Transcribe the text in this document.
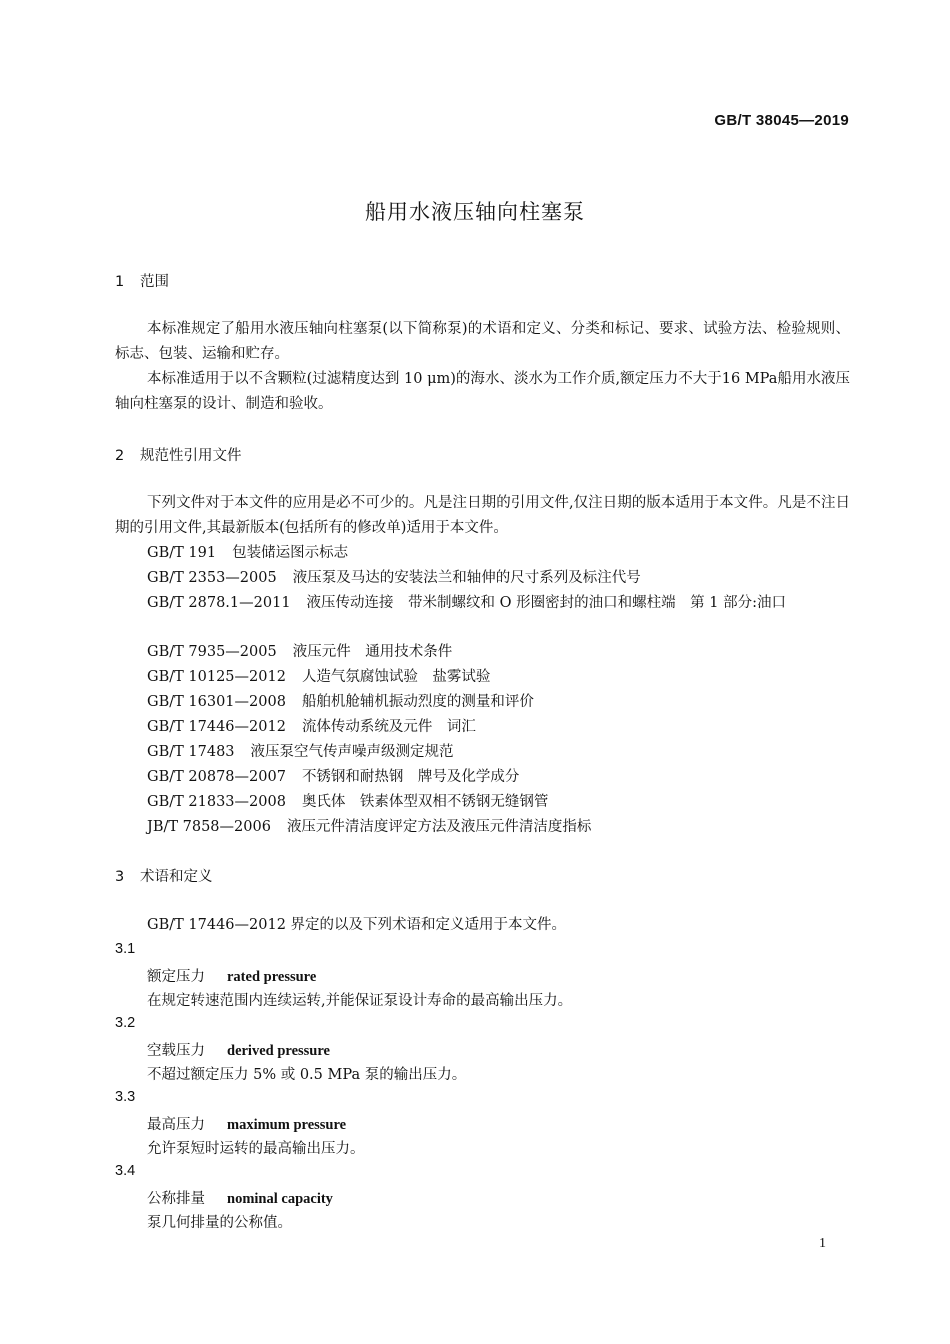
GB/T 38045—2019
船用水液压轴向柱塞泵
1 范围
本标准规定了船用水液压轴向柱塞泵(以下简称泵)的术语和定义、分类和标记、要求、试验方法、检验规则、标志、包装、运输和贮存。
本标准适用于以不含颗粒(过滤精度达到 10 μm)的海水、淡水为工作介质,额定压力不大于16 MPa船用水液压轴向柱塞泵的设计、制造和验收。
2 规范性引用文件
下列文件对于本文件的应用是必不可少的。凡是注日期的引用文件,仅注日期的版本适用于本文件。凡是不注日期的引用文件,其最新版本(包括所有的修改单)适用于本文件。
GB/T 191 包装储运图示标志
GB/T 2353—2005 液压泵及马达的安装法兰和轴伸的尺寸系列及标注代号
GB/T 2878.1—2011 液压传动连接　带米制螺纹和 O 形圈密封的油口和螺柱端　第 1 部分:油口
GB/T 7935—2005 液压元件　通用技术条件
GB/T 10125—2012 人造气氛腐蚀试验　盐雾试验
GB/T 16301—2008 船舶机舱辅机振动烈度的测量和评价
GB/T 17446—2012 流体传动系统及元件　词汇
GB/T 17483 液压泵空气传声噪声级测定规范
GB/T 20878—2007 不锈钢和耐热钢　牌号及化学成分
GB/T 21833—2008 奥氏体　铁素体型双相不锈钢无缝钢管
JB/T 7858—2006 液压元件清洁度评定方法及液压元件清洁度指标
3 术语和定义
GB/T 17446—2012 界定的以及下列术语和定义适用于本文件。
3.1
额定压力 rated pressure
在规定转速范围内连续运转,并能保证泵设计寿命的最高输出压力。
3.2
空载压力 derived pressure
不超过额定压力 5% 或 0.5 MPa 泵的输出压力。
3.3
最高压力 maximum pressure
允许泵短时运转的最高输出压力。
3.4
公称排量 nominal capacity
泵几何排量的公称值。
1
